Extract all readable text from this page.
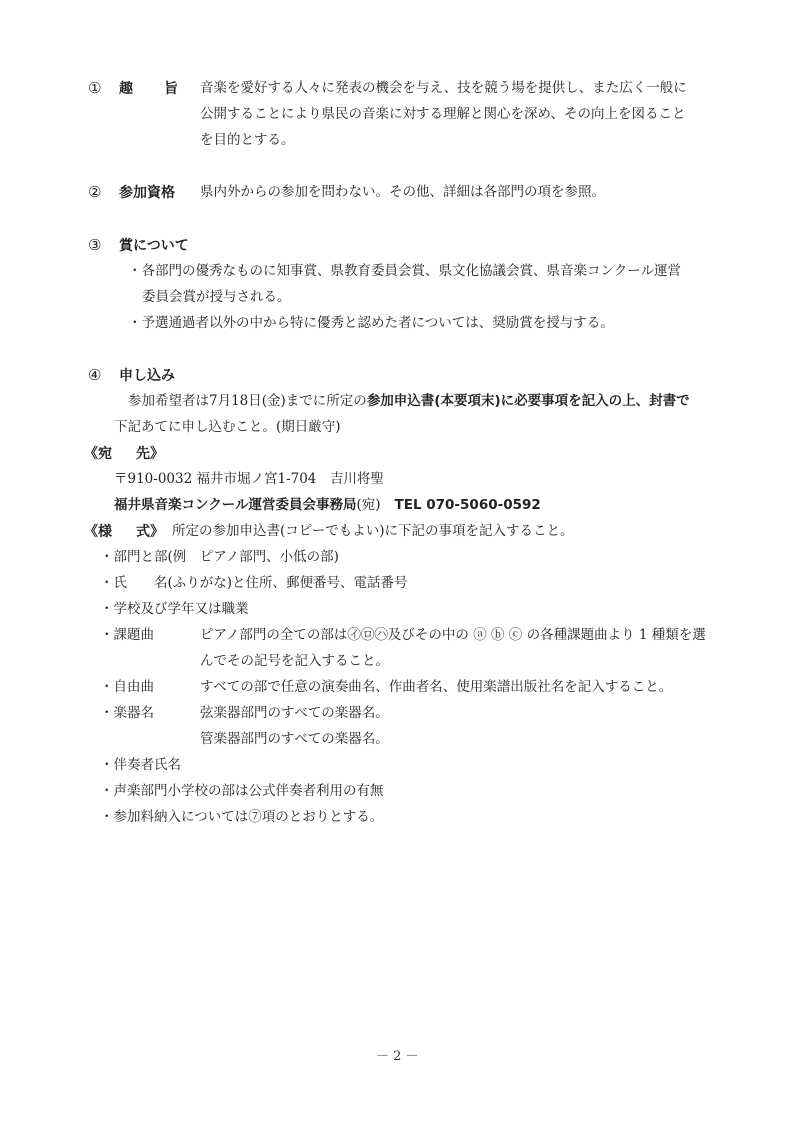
① 趣 旨 音楽を愛好する人々に発表の機会を与え、技を競う場を提供し、また広く一般に
公開することにより県民の音楽に対する理解と関心を深め、その向上を図ること
を目的とする。
② 参加資格 県内外からの参加を問わない。その他、詳細は各部門の項を参照。
③ 賞について
・各部門の優秀なものに知事賞、県教育委員会賞、県文化協議会賞、県音楽コンクール運営
委員会賞が授与される。
・予選通過者以外の中から特に優秀と認めた者については、奨励賞を授与する。
④ 申し込み
参加希望者は7月18日(金)までに所定の参加申込書(本要項末)に必要事項を記入の上、封書で
下記あてに申し込むこと。(期日厳守)
《宛 先》
〒910-0032 福井市堀ノ宮1-704　吉川将聖
福井県音楽コンクール運営委員会事務局(宛) TEL 070-5060-0592
《様 式》 所定の参加申込書(コピーでもよい)に下記の事項を記入すること。
・部門と部(例　ピアノ部門、小低の部)
・氏　　名(ふりがな)と住所、郵便番号、電話番号
・学校及び学年又は職業
・課題曲	ピアノ部門の全ての部は㋑㋺㋩及びその中の ⓐ ⓑ ⓒ の各種課題曲より 1 種類を選
んでその記号を記入すること。
・自由曲	すべての部で任意の演奏曲名、作曲者名、使用楽譜出版社名を記入すること。
・楽器名	弦楽器部門のすべての楽器名。
管楽器部門のすべての楽器名。
・伴奏者氏名
・声楽部門小学校の部は公式伴奏者利用の有無
・参加料納入については⑦項のとおりとする。
－ 2 －
